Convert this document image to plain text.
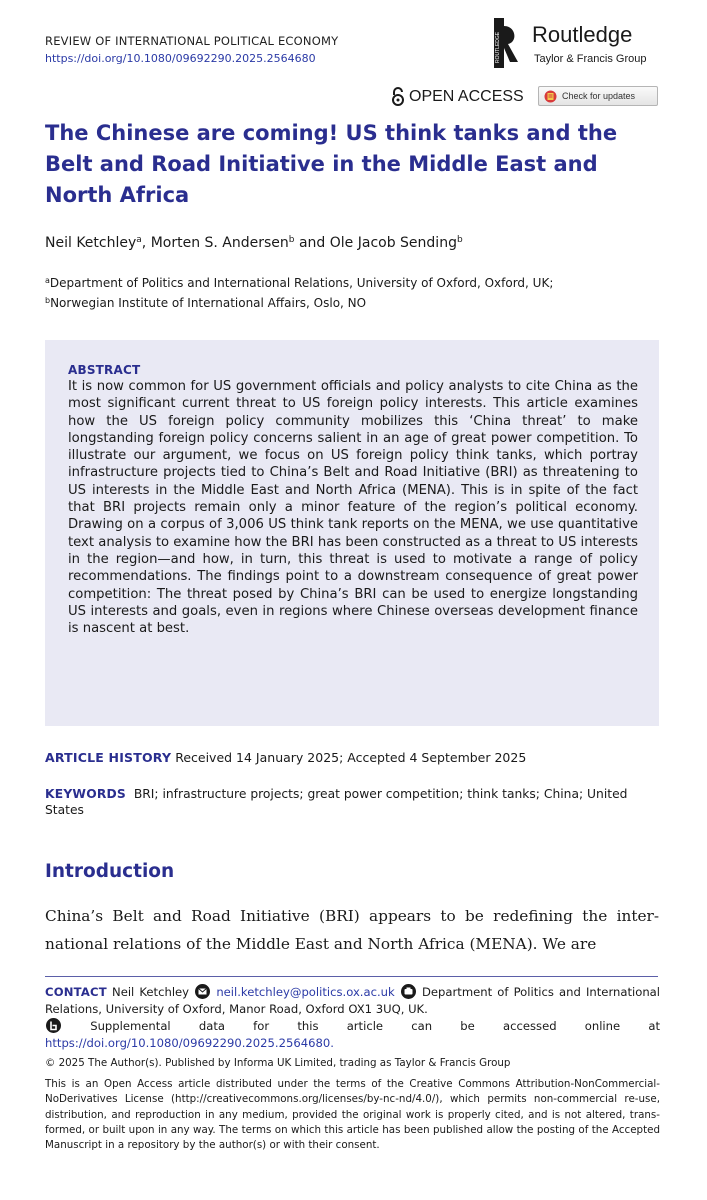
REVIEW OF INTERNATIONAL POLITICAL ECONOMY
https://doi.org/10.1080/09692290.2025.2564680	ROUTLEDGE Routledge
Taylor & Francis Group
OPEN ACCESS	Check for updates
The Chinese are coming! US think tanks and the Belt and Road Initiative in the Middle East and North Africa
Neil Ketchley$^a$, Morten S. Andersen$^b$ and Ole Jacob Sending$^b$
$^a$Department of Politics and International Relations, University of Oxford, Oxford, UK;
$^b$Norwegian Institute of International Affairs, Oslo, NO
ABSTRACT

It is now common for US government officials and policy analysts to cite China as the most significant current threat to US foreign policy interests. This article examines how the US foreign policy community mobilizes this ‘China threat’ to make longstanding foreign policy concerns salient in an age of great power competition. To illustrate our argument, we focus on US foreign policy think tanks, which portray infrastructure projects tied to China’s Belt and Road Initiative (BRI) as threatening to US interests in the Middle East and North Africa (MENA). This is in spite of the fact that BRI projects remain only a minor feature of the region’s political economy. Drawing on a corpus of 3,006 US think tank reports on the MENA, we use quantitative text analysis to examine how the BRI has been constructed as a threat to US interests in the region—and how, in turn, this threat is used to motivate a range of policy recommendations. The findings point to a downstream consequence of great power competition: The threat posed by China’s BRI can be used to energize longstanding US interests and goals, even in regions where Chinese overseas development finance is nascent at best.

ARTICLE HISTORY Received 14 January 2025; Accepted 4 September 2025
KEYWORDS BRI; infrastructure projects; great power competition; think tanks; China; United States
Introduction

China’s Belt and Road Initiative (BRI) appears to be redefining the inter-national relations of the Middle East and North Africa (MENA). We are

CONTACT Neil Ketchley neil.ketchley@politics.ox.ac.uk Department of Politics and International Relations, University of Oxford, Manor Road, Oxford OX1 3UQ, UK.
Supplemental data for this article can be accessed online at https://doi.org/10.1080/09692290.2025.2564680.
© 2025 The Author(s). Published by Informa UK Limited, trading as Taylor & Francis Group

This is an Open Access article distributed under the terms of the Creative Commons Attribution-NonCommercial-NoDerivatives License (http://creativecommons.org/licenses/by-nc-nd/4.0/), which permits non-commercial re-use, distribution, and reproduction in any medium, provided the original work is properly cited, and is not altered, trans-formed, or built upon in any way. The terms on which this article has been published allow the posting of the Accepted Manuscript in a repository by the author(s) or with their consent.
